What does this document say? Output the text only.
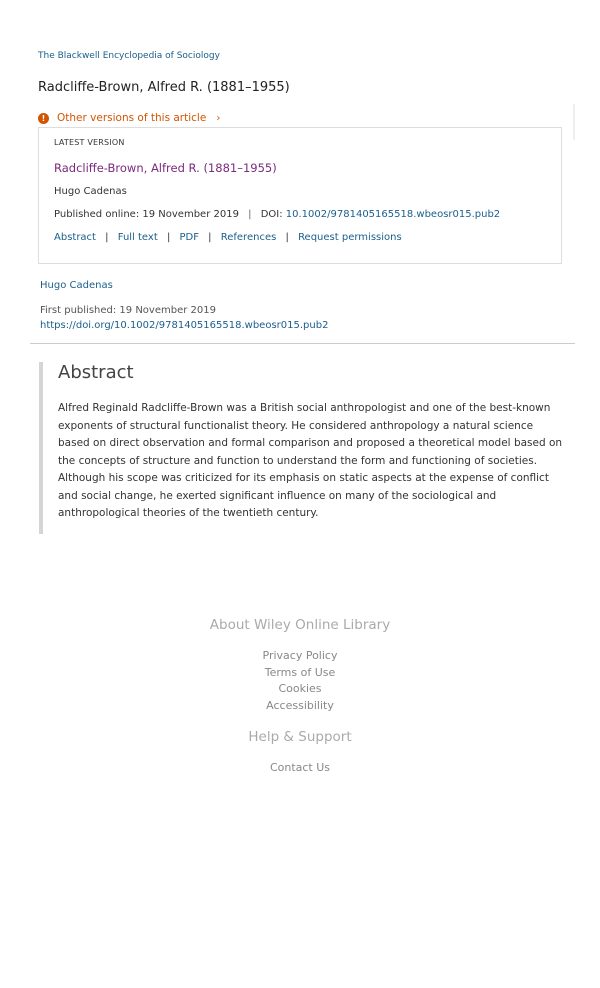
The Blackwell Encyclopedia of Sociology
Radcliffe-Brown, Alfred R. (1881–1955)
!	Other versions of this article ›
LATEST VERSION
Radcliffe-Brown, Alfred R. (1881–1955)
Hugo Cadenas
Published online: 19 November 2019 | DOI: 10.1002/9781405165518.wbeosr015.pub2
Abstract | Full text | PDF | References | Request permissions
Hugo Cadenas
First published: 19 November 2019
https://doi.org/10.1002/9781405165518.wbeosr015.pub2
Abstract

Alfred Reginald Radcliffe-Brown was a British social anthropologist and one of the best-known exponents of structural functionalist theory. He considered anthropology a natural science based on direct observation and formal comparison and proposed a theoretical model based on the concepts of structure and function to understand the form and functioning of societies. Although his scope was criticized for its emphasis on static aspects at the expense of conflict and social change, he exerted significant influence on many of the sociological and anthropological theories of the twentieth century.

About Wiley Online Library
Privacy Policy
Terms of Use
Cookies
Accessibility
Help & Support
Contact Us
